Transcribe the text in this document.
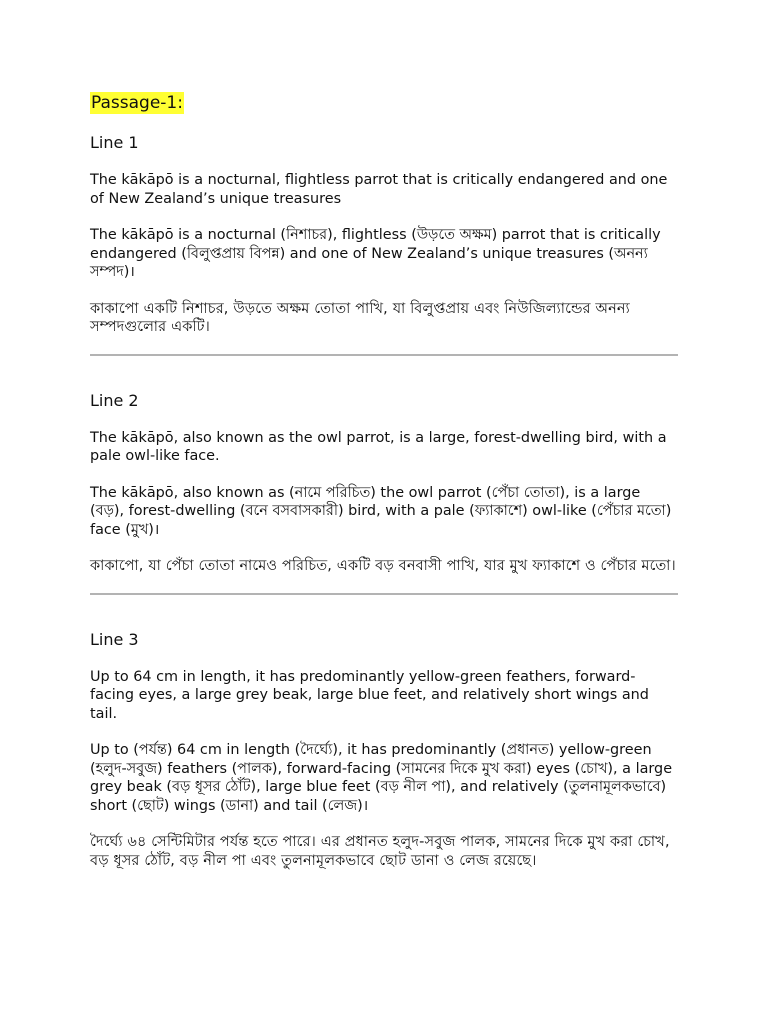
Passage-1:
Line 1

The kākāpō is a nocturnal, flightless parrot that is critically endangered and one of New Zealand’s unique treasures

The kākāpō is a nocturnal (নিশাচর), flightless (উড়তে অক্ষম) parrot that is critically endangered (বিলুপ্তপ্রায় বিপন্ন) and one of New Zealand’s unique treasures (অনন্য সম্পদ)।

কাকাপো একটি নিশাচর, উড়তে অক্ষম তোতা পাখি, যা বিলুপ্তপ্রায় এবং নিউজিল্যান্ডের অনন্য সম্পদগুলোর একটি।

Line 2

The kākāpō, also known as the owl parrot, is a large, forest-dwelling bird, with a pale owl-like face.

The kākāpō, also known as (নামে পরিচিত) the owl parrot (পেঁচা তোতা), is a large (বড়), forest-dwelling (বনে বসবাসকারী) bird, with a pale (ফ্যাকাশে) owl-like (পেঁচার মতো) face (মুখ)।

কাকাপো, যা পেঁচা তোতা নামেও পরিচিত, একটি বড় বনবাসী পাখি, যার মুখ ফ্যাকাশে ও পেঁচার মতো।

Line 3

Up to 64 cm in length, it has predominantly yellow-green feathers, forward-facing eyes, a large grey beak, large blue feet, and relatively short wings and tail.

Up to (পর্যন্ত) 64 cm in length (দৈর্ঘ্যে), it has predominantly (প্রধানত) yellow-green (হলুদ-সবুজ) feathers (পালক), forward-facing (সামনের দিকে মুখ করা) eyes (চোখ), a large grey beak (বড় ধূসর ঠোঁট), large blue feet (বড় নীল পা), and relatively (তুলনামূলকভাবে) short (ছোট) wings (ডানা) and tail (লেজ)।

দৈর্ঘ্যে ৬৪ সেন্টিমিটার পর্যন্ত হতে পারে। এর প্রধানত হলুদ-সবুজ পালক, সামনের দিকে মুখ করা চোখ, বড় ধূসর ঠোঁট, বড় নীল পা এবং তুলনামূলকভাবে ছোট ডানা ও লেজ রয়েছে।
